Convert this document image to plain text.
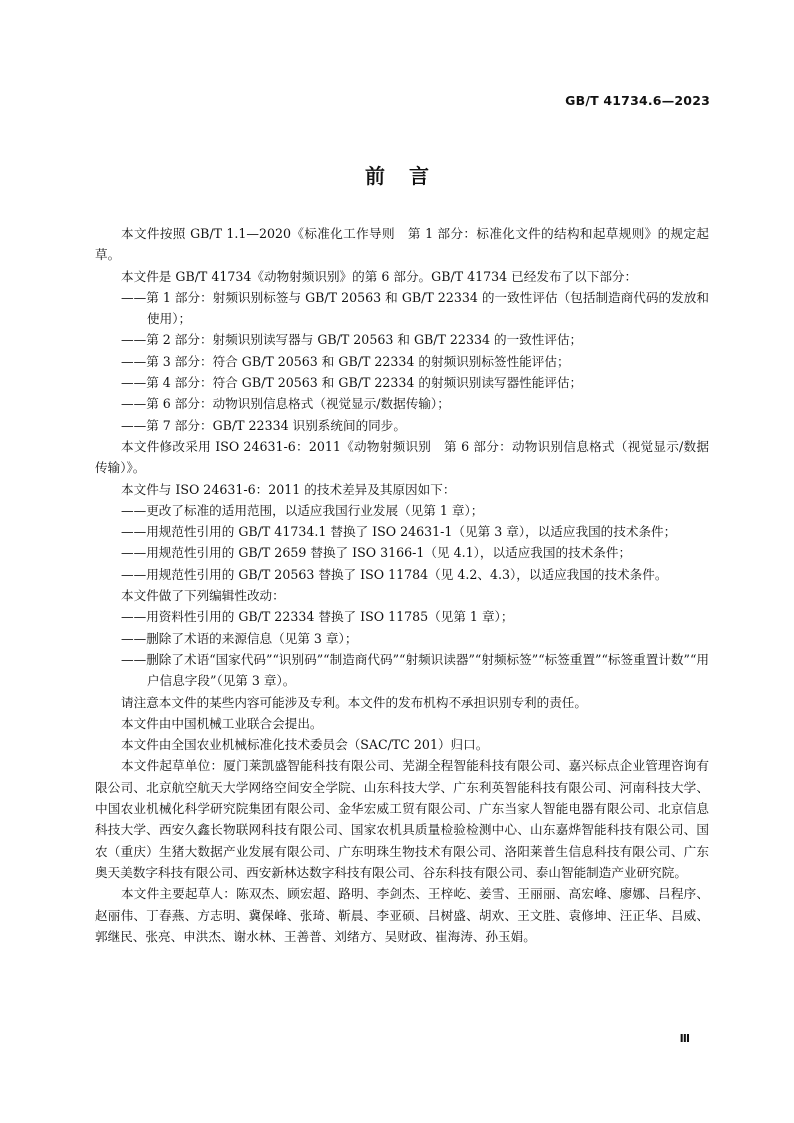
GB/T 41734.6—2023
前言

本文件按照 GB/T 1.1—2020《标准化工作导则　第 1 部分：标准化文件的结构和起草规则》的规定起草。

本文件是 GB/T 41734《动物射频识别》的第 6 部分。GB/T 41734 已经发布了以下部分：

——第 1 部分：射频识别标签与 GB/T 20563 和 GB/T 22334 的一致性评估（包括制造商代码的发放和使用）；

——第 2 部分：射频识别读写器与 GB/T 20563 和 GB/T 22334 的一致性评估；

——第 3 部分：符合 GB/T 20563 和 GB/T 22334 的射频识别标签性能评估；

——第 4 部分：符合 GB/T 20563 和 GB/T 22334 的射频识别读写器性能评估；

——第 6 部分：动物识别信息格式（视觉显示/数据传输）；

——第 7 部分：GB/T 22334 识别系统间的同步。

本文件修改采用 ISO 24631-6：2011《动物射频识别　第 6 部分：动物识别信息格式（视觉显示/数据传输）》。

本文件与 ISO 24631-6：2011 的技术差异及其原因如下：

——更改了标准的适用范围，以适应我国行业发展（见第 1 章）；

——用规范性引用的 GB/T 41734.1 替换了 ISO 24631-1（见第 3 章），以适应我国的技术条件；

——用规范性引用的 GB/T 2659 替换了 ISO 3166-1（见 4.1），以适应我国的技术条件；

——用规范性引用的 GB/T 20563 替换了 ISO 11784（见 4.2、4.3），以适应我国的技术条件。

本文件做了下列编辑性改动：

——用资料性引用的 GB/T 22334 替换了 ISO 11785（见第 1 章）；

——删除了术语的来源信息（见第 3 章）；

——删除了术语“国家代码”“识别码”“制造商代码”“射频识读器”“射频标签”“标签重置”“标签重置计数”“用户信息字段”（见第 3 章）。

请注意本文件的某些内容可能涉及专利。本文件的发布机构不承担识别专利的责任。

本文件由中国机械工业联合会提出。

本文件由全国农业机械标准化技术委员会（SAC/TC 201）归口。

本文件起草单位：厦门莱凯盛智能科技有限公司、芜湖全程智能科技有限公司、嘉兴标点企业管理咨询有限公司、北京航空航天大学网络空间安全学院、山东科技大学、广东利英智能科技有限公司、河南科技大学、中国农业机械化科学研究院集团有限公司、金华宏威工贸有限公司、广东当家人智能电器有限公司、北京信息科技大学、西安久鑫长物联网科技有限公司、国家农机具质量检验检测中心、山东嘉烨智能科技有限公司、国农（重庆）生猪大数据产业发展有限公司、广东明珠生物技术有限公司、洛阳莱普生信息科技有限公司、广东奥天美数字科技有限公司、西安新林达数字科技有限公司、谷东科技有限公司、泰山智能制造产业研究院。

本文件主要起草人：陈双杰、顾宏超、路明、李剑杰、王梓屹、姜雪、王丽丽、高宏峰、廖娜、吕程序、赵丽伟、丁春燕、方志明、冀保峰、张琦、靳晨、李亚硕、吕树盛、胡欢、王文胜、袁修坤、汪正华、吕威、郭继民、张亮、申洪杰、谢水林、王善普、刘绪方、吴财政、崔海涛、孙玉娟。

Ⅲ
